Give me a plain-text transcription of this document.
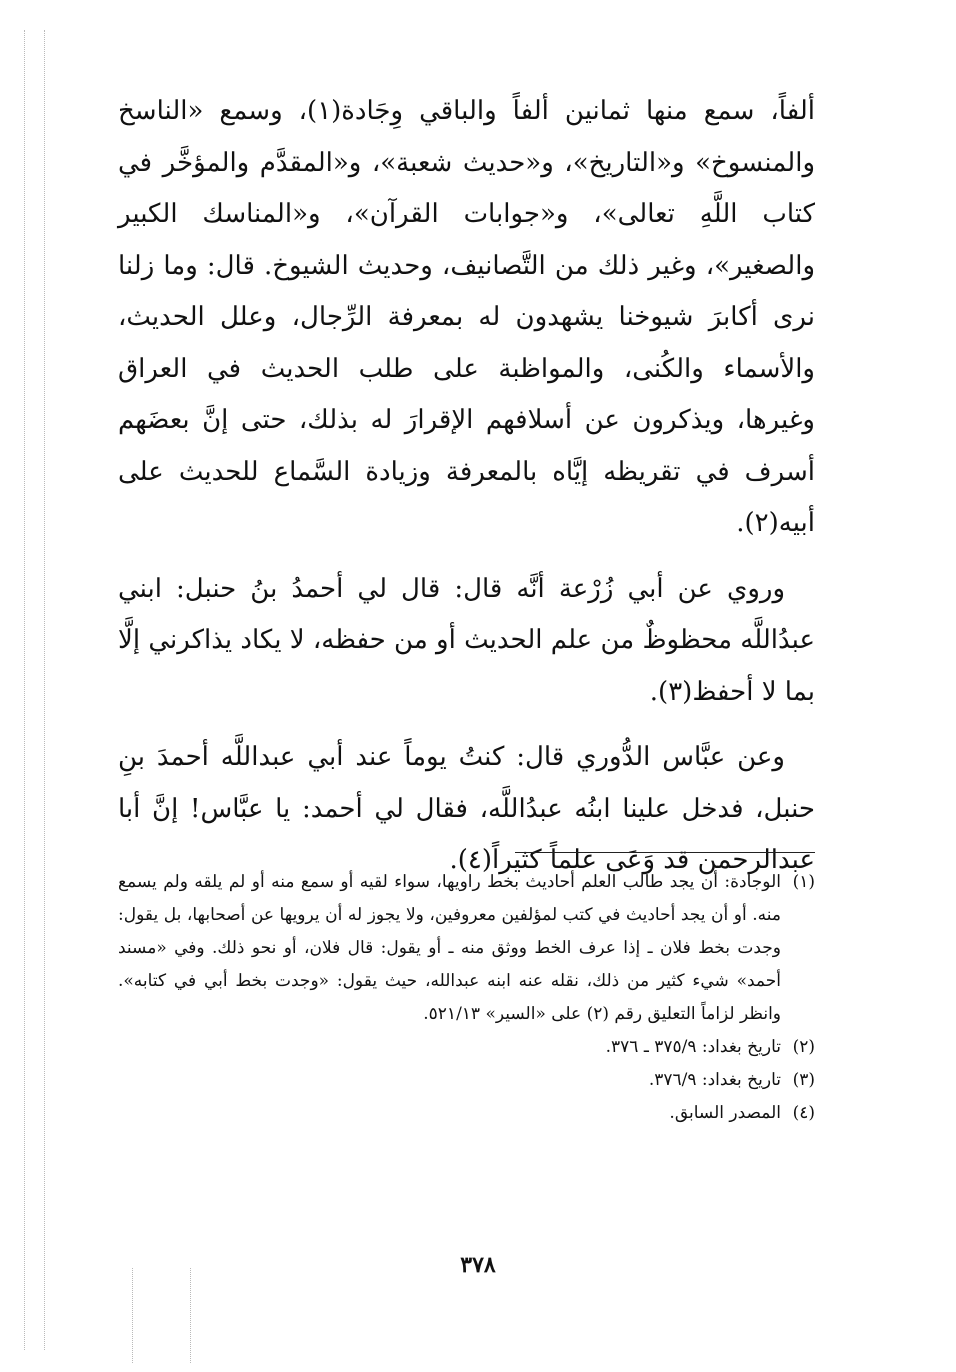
ألفاً، سمع منها ثمانين ألفاً والباقي وِجَادة(١)، وسمع «الناسخ والمنسوخ» و«التاريخ»، و«حديث شعبة»، و«المقدَّم والمؤخَّر في كتاب اللَّهِ تعالى»، و«جوابات القرآن»، و«المناسك الكبير والصغير»، وغير ذلك من التَّصانيف، وحديث الشيوخ. قال: وما زلنا نرى أكابرَ شيوخنا يشهدون له بمعرفة الرِّجال، وعلل الحديث، والأسماء والكُنى، والمواظبة على طلب الحديث في العراق وغيرها، ويذكرون عن أسلافهم الإقرارَ له بذلك، حتى إنَّ بعضَهم أسرف في تقريظه إيَّاه بالمعرفة وزيادة السَّماع للحديث على أبيه(٢).

وروي عن أبي زُرْعة أنَّه قال: قال لي أحمدُ بنُ حنبل: ابني عبدُاللَّه محظوظٌ من علم الحديث أو من حفظه، لا يكاد يذاكرني إلَّا بما لا أحفظ(٣).

وعن عبَّاس الدُّوري قال: كنتُ يوماً عند أبي عبداللَّه أحمدَ بنِ حنبل، فدخل علينا ابنُه عبدُاللَّه، فقال لي أحمد: يا عبَّاس! إنَّ أبا عبدالرحمن قد وَعَى علماً كثيراً(٤).

(١)
الوجادة: أن يجد طالب العلم أحاديث بخط راويها، سواء لقيه أو سمع منه أو لم يلقه ولم يسمع منه. أو أن يجد أحاديث في كتب لمؤلفين معروفين، ولا يجوز له أن يرويها عن أصحابها، بل يقول: وجدت بخط فلان ـ إذا عرف الخط ووثق منه ـ أو يقول: قال فلان، أو نحو ذلك. وفي «مسند أحمد» شيء كثير من ذلك، نقله عنه ابنه عبدالله، حيث يقول: «وجدت بخط أبي في كتابه». وانظر لزاماً التعليق رقم (٢) على «السير» ٥٢١/١٣.
(٢)
تاريخ بغداد: ٣٧٥/٩ ـ ٣٧٦.
(٣)
تاريخ بغداد: ٣٧٦/٩.
(٤)
المصدر السابق.
٣٧٨
